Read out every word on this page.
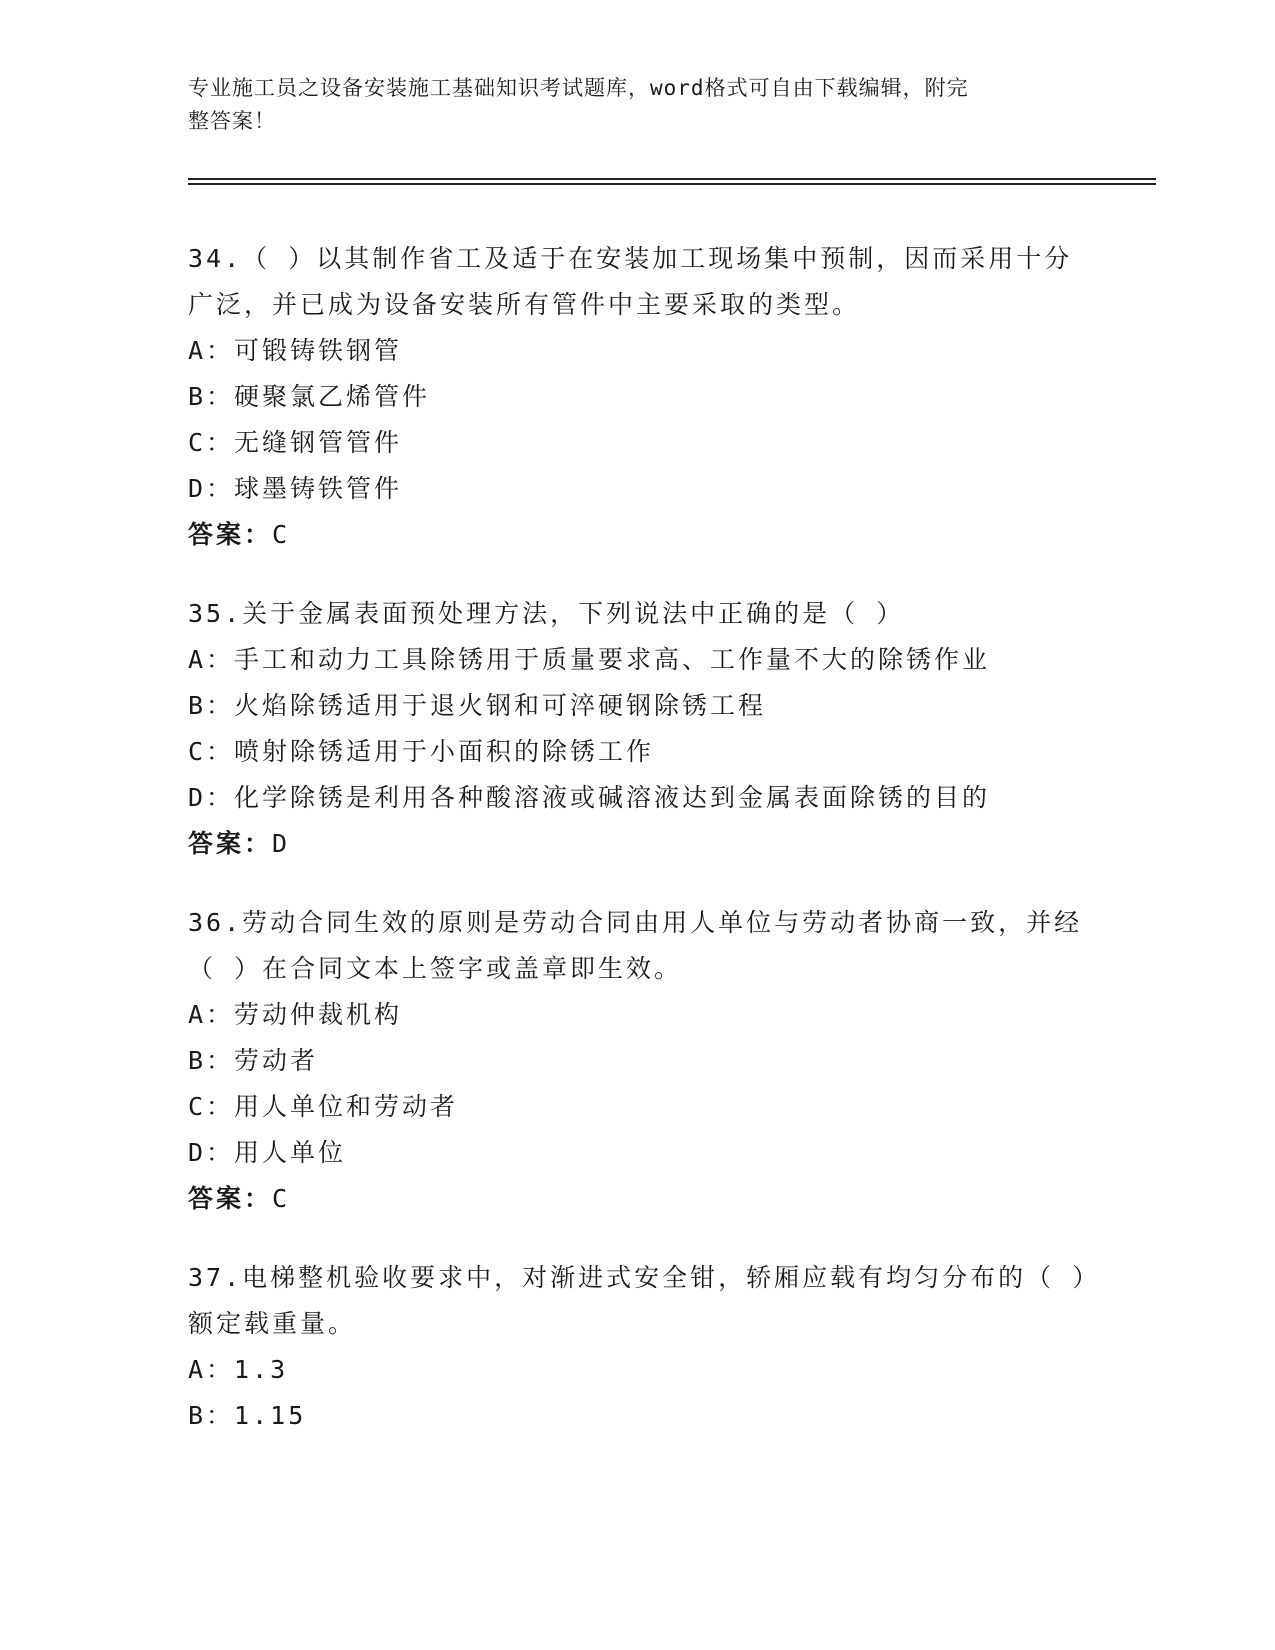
专业施工员之设备安装施工基础知识考试题库，word格式可自由下载编辑，附完
整答案！
34.（ ）以其制作省工及适于在安装加工现场集中预制，因而采用十分广泛，并已成为设备安装所有管件中主要采取的类型。
A：可锻铸铁钢管
B：硬聚氯乙烯管件
C：无缝钢管管件
D：球墨铸铁管件
答案：C
35.关于金属表面预处理方法，下列说法中正确的是（ ）
A：手工和动力工具除锈用于质量要求高、工作量不大的除锈作业
B：火焰除锈适用于退火钢和可淬硬钢除锈工程
C：喷射除锈适用于小面积的除锈工作
D：化学除锈是利用各种酸溶液或碱溶液达到金属表面除锈的目的
答案：D
36.劳动合同生效的原则是劳动合同由用人单位与劳动者协商一致，并经（ ）在合同文本上签字或盖章即生效。
A：劳动仲裁机构
B：劳动者
C：用人单位和劳动者
D：用人单位
答案：C
37.电梯整机验收要求中，对渐进式安全钳，轿厢应载有均匀分布的（ ）额定载重量。
A：1.3
B：1.15
